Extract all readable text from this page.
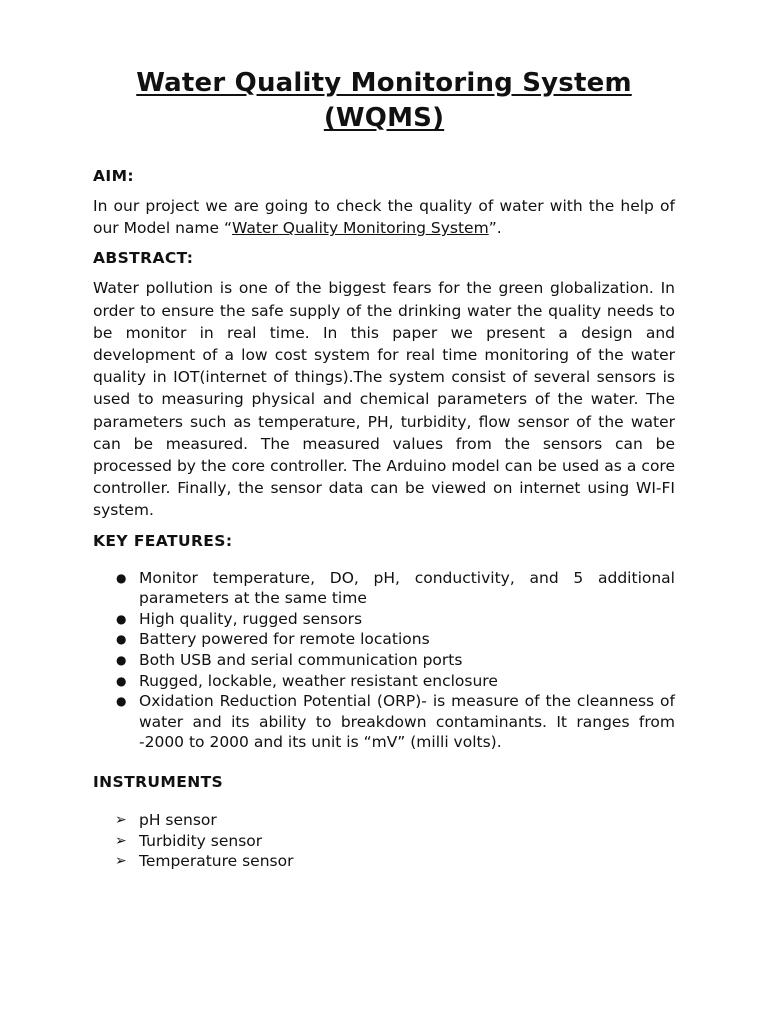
Water Quality Monitoring System
(WQMS)
AIM:

In our project we are going to check the quality of water with the help of our Model name “Water Quality Monitoring System”.

ABSTRACT:

Water pollution is one of the biggest fears for the green globalization. In order to ensure the safe supply of the drinking water the quality needs to be monitor in real time. In this paper we present a design and development of a low cost system for real time monitoring of the water quality in IOT(internet of things).The system consist of several sensors is used to measuring physical and chemical parameters of the water. The parameters such as temperature, PH, turbidity, flow sensor of the water can be measured. The measured values from the sensors can be processed by the core controller. The Arduino model can be used as a core controller. Finally, the sensor data can be viewed on internet using WI-FI system.

KEY FEATURES:
● Monitor temperature, DO, pH, conductivity, and 5 additional parameters at the same time
● High quality, rugged sensors
● Battery powered for remote locations
● Both USB and serial communication ports
● Rugged, lockable, weather resistant enclosure
● Oxidation Reduction Potential (ORP)- is measure of the cleanness of water and its ability to breakdown contaminants. It ranges from -2000 to 2000 and its unit is “mV” (milli volts).
INSTRUMENTS
➢ pH sensor
➢ Turbidity sensor
➢ Temperature sensor
